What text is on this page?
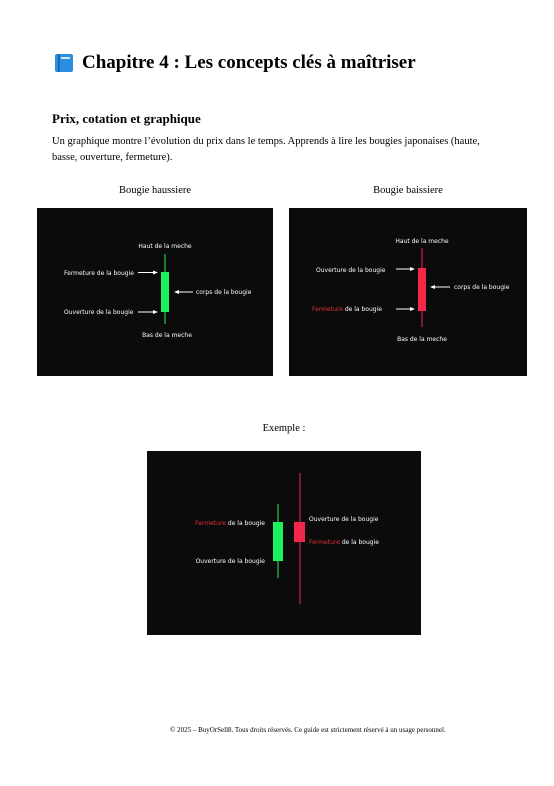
Chapitre 4 : Les concepts clés à maîtriser
Prix, cotation et graphique

Un graphique montre l’évolution du prix dans le temps. Apprends à lire les bougies japonaises (haute, basse, ouverture, fermeture).

Bougie haussiere	Bougie baissiere
Haut de la meche
Fermeture de la bougie
corps de la bougie
Ouverture de la bougie
Bas de la meche
Haut de la meche
Ouverture de la bougie
corps de la bougie
Fermeture de la bougie
Bas de la meche
Exemple :
Fermeture de la bougie
Ouverture de la bougie
Ouverture de la bougie
Fermeture de la bougie
© 2025 – BuyOrSell8. Tous droits réservés. Ce guide est strictement réservé à un usage personnel.
